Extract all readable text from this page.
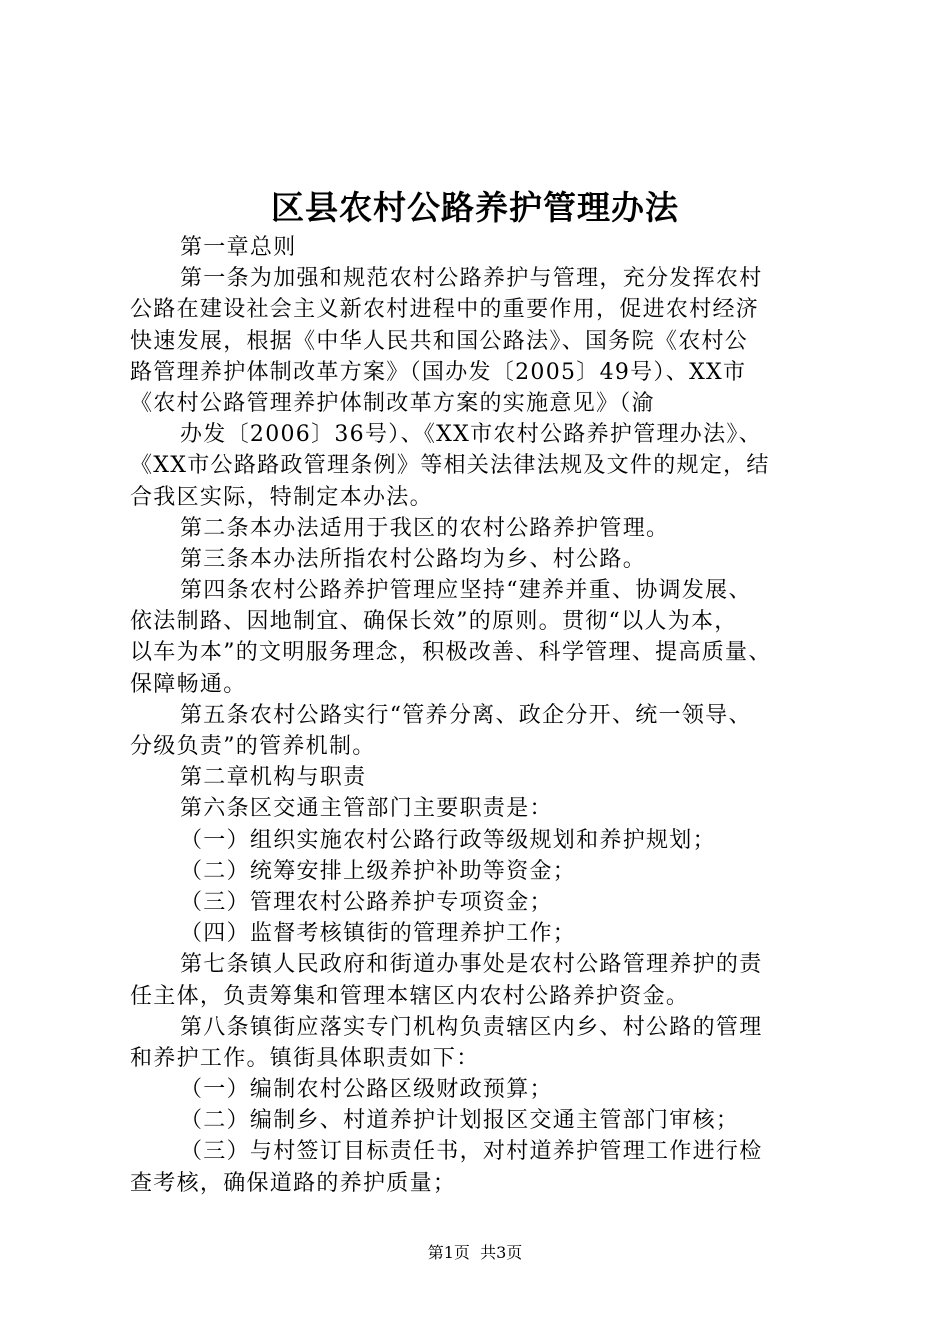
区县农村公路养护管理办法
第一章总则
第一条为加强和规范农村公路养护与管理，充分发挥农村
公路在建设社会主义新农村进程中的重要作用，促进农村经济
快速发展，根据《中华人民共和国公路法》、国务院《农村公
路管理养护体制改革方案》（国办发〔2005〕49号）、XX市
《农村公路管理养护体制改革方案的实施意见》（渝
办发〔2006〕36号）、《XX市农村公路养护管理办法》、
《XX市公路路政管理条例》等相关法律法规及文件的规定，结
合我区实际，特制定本办法。
第二条本办法适用于我区的农村公路养护管理。
第三条本办法所指农村公路均为乡、村公路。
第四条农村公路养护管理应坚持“建养并重、协调发展、
依法制路、因地制宜、确保长效”的原则。贯彻“以人为本，
以车为本”的文明服务理念，积极改善、科学管理、提高质量、
保障畅通。
第五条农村公路实行“管养分离、政企分开、统一领导、
分级负责”的管养机制。
第二章机构与职责
第六条区交通主管部门主要职责是：
（一）组织实施农村公路行政等级规划和养护规划；
（二）统筹安排上级养护补助等资金；
（三）管理农村公路养护专项资金；
（四）监督考核镇街的管理养护工作；
第七条镇人民政府和街道办事处是农村公路管理养护的责
任主体，负责筹集和管理本辖区内农村公路养护资金。
第八条镇街应落实专门机构负责辖区内乡、村公路的管理
和养护工作。镇街具体职责如下：
（一）编制农村公路区级财政预算；
（二）编制乡、村道养护计划报区交通主管部门审核；
（三）与村签订目标责任书，对村道养护管理工作进行检
查考核，确保道路的养护质量；
第1页  共3页
